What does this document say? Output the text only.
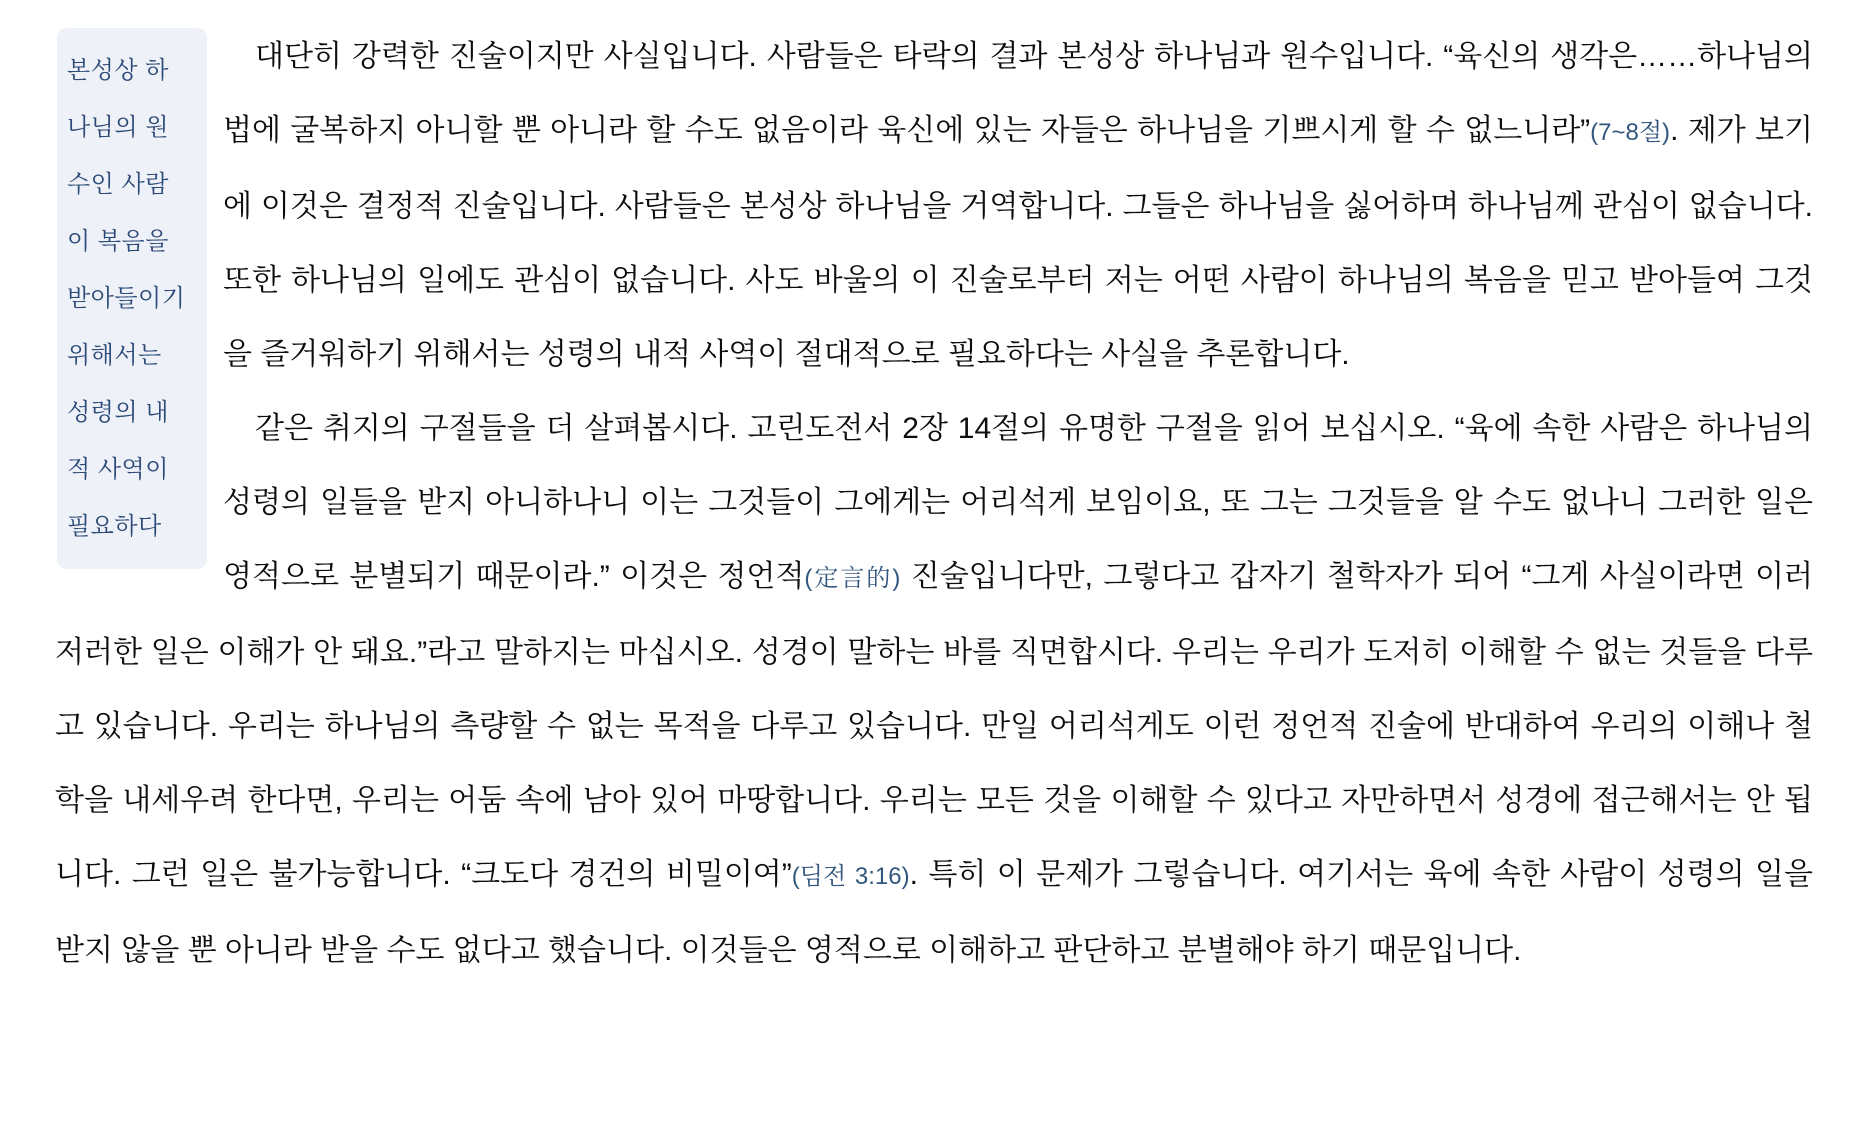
본성상 하
나님의 원
수인 사람
이 복음을
받아들이기
위해서는
성령의 내
적 사역이
필요하다

대단히 강력한 진술이지만 사실입니다. 사람들은 타락의 결과 본성상 하나님과 원수입니다. “육신의 생각은……하나님의 법에 굴복하지 아니할 뿐 아니라 할 수도 없음이라 육신에 있는 자들은 하나님을 기쁘시게 할 수 없느니라”(7~8절). 제가 보기에 이것은 결정적 진술입니다. 사람들은 본성상 하나님을 거역합니다. 그들은 하나님을 싫어하며 하나님께 관심이 없습니다. 또한 하나님의 일에도 관심이 없습니다. 사도 바울의 이 진술로부터 저는 어떤 사람이 하나님의 복음을 믿고 받아들여 그것을 즐거워하기 위해서는 성령의 내적 사역이 절대적으로 필요하다는 사실을 추론합니다.

같은 취지의 구절들을 더 살펴봅시다. 고린도전서 2장 14절의 유명한 구절을 읽어 보십시오. “육에 속한 사람은 하나님의 성령의 일들을 받지 아니하나니 이는 그것들이 그에게는 어리석게 보임이요, 또 그는 그것들을 알 수도 없나니 그러한 일은 영적으로 분별되기 때문이라.” 이것은 정언적(定言的) 진술입니다만, 그렇다고 갑자기 철학자가 되어 “그게 사실이라면 이러 저러한 일은 이해가 안 돼요.”라고 말하지는 마십시오. 성경이 말하는 바를 직면합시다. 우리는 우리가 도저히 이해할 수 없는 것들을 다루고 있습니다. 우리는 하나님의 측량할 수 없는 목적을 다루고 있습니다. 만일 어리석게도 이런 정언적 진술에 반대하여 우리의 이해나 철학을 내세우려 한다면, 우리는 어둠 속에 남아 있어 마땅합니다. 우리는 모든 것을 이해할 수 있다고 자만하면서 성경에 접근해서는 안 됩니다. 그런 일은 불가능합니다. “크도다 경건의 비밀이여”(딤전 3:16). 특히 이 문제가 그렇습니다. 여기서는 육에 속한 사람이 성령의 일을 받지 않을 뿐 아니라 받을 수도 없다고 했습니다. 이것들은 영적으로 이해하고 판단하고 분별해야 하기 때문입니다.
